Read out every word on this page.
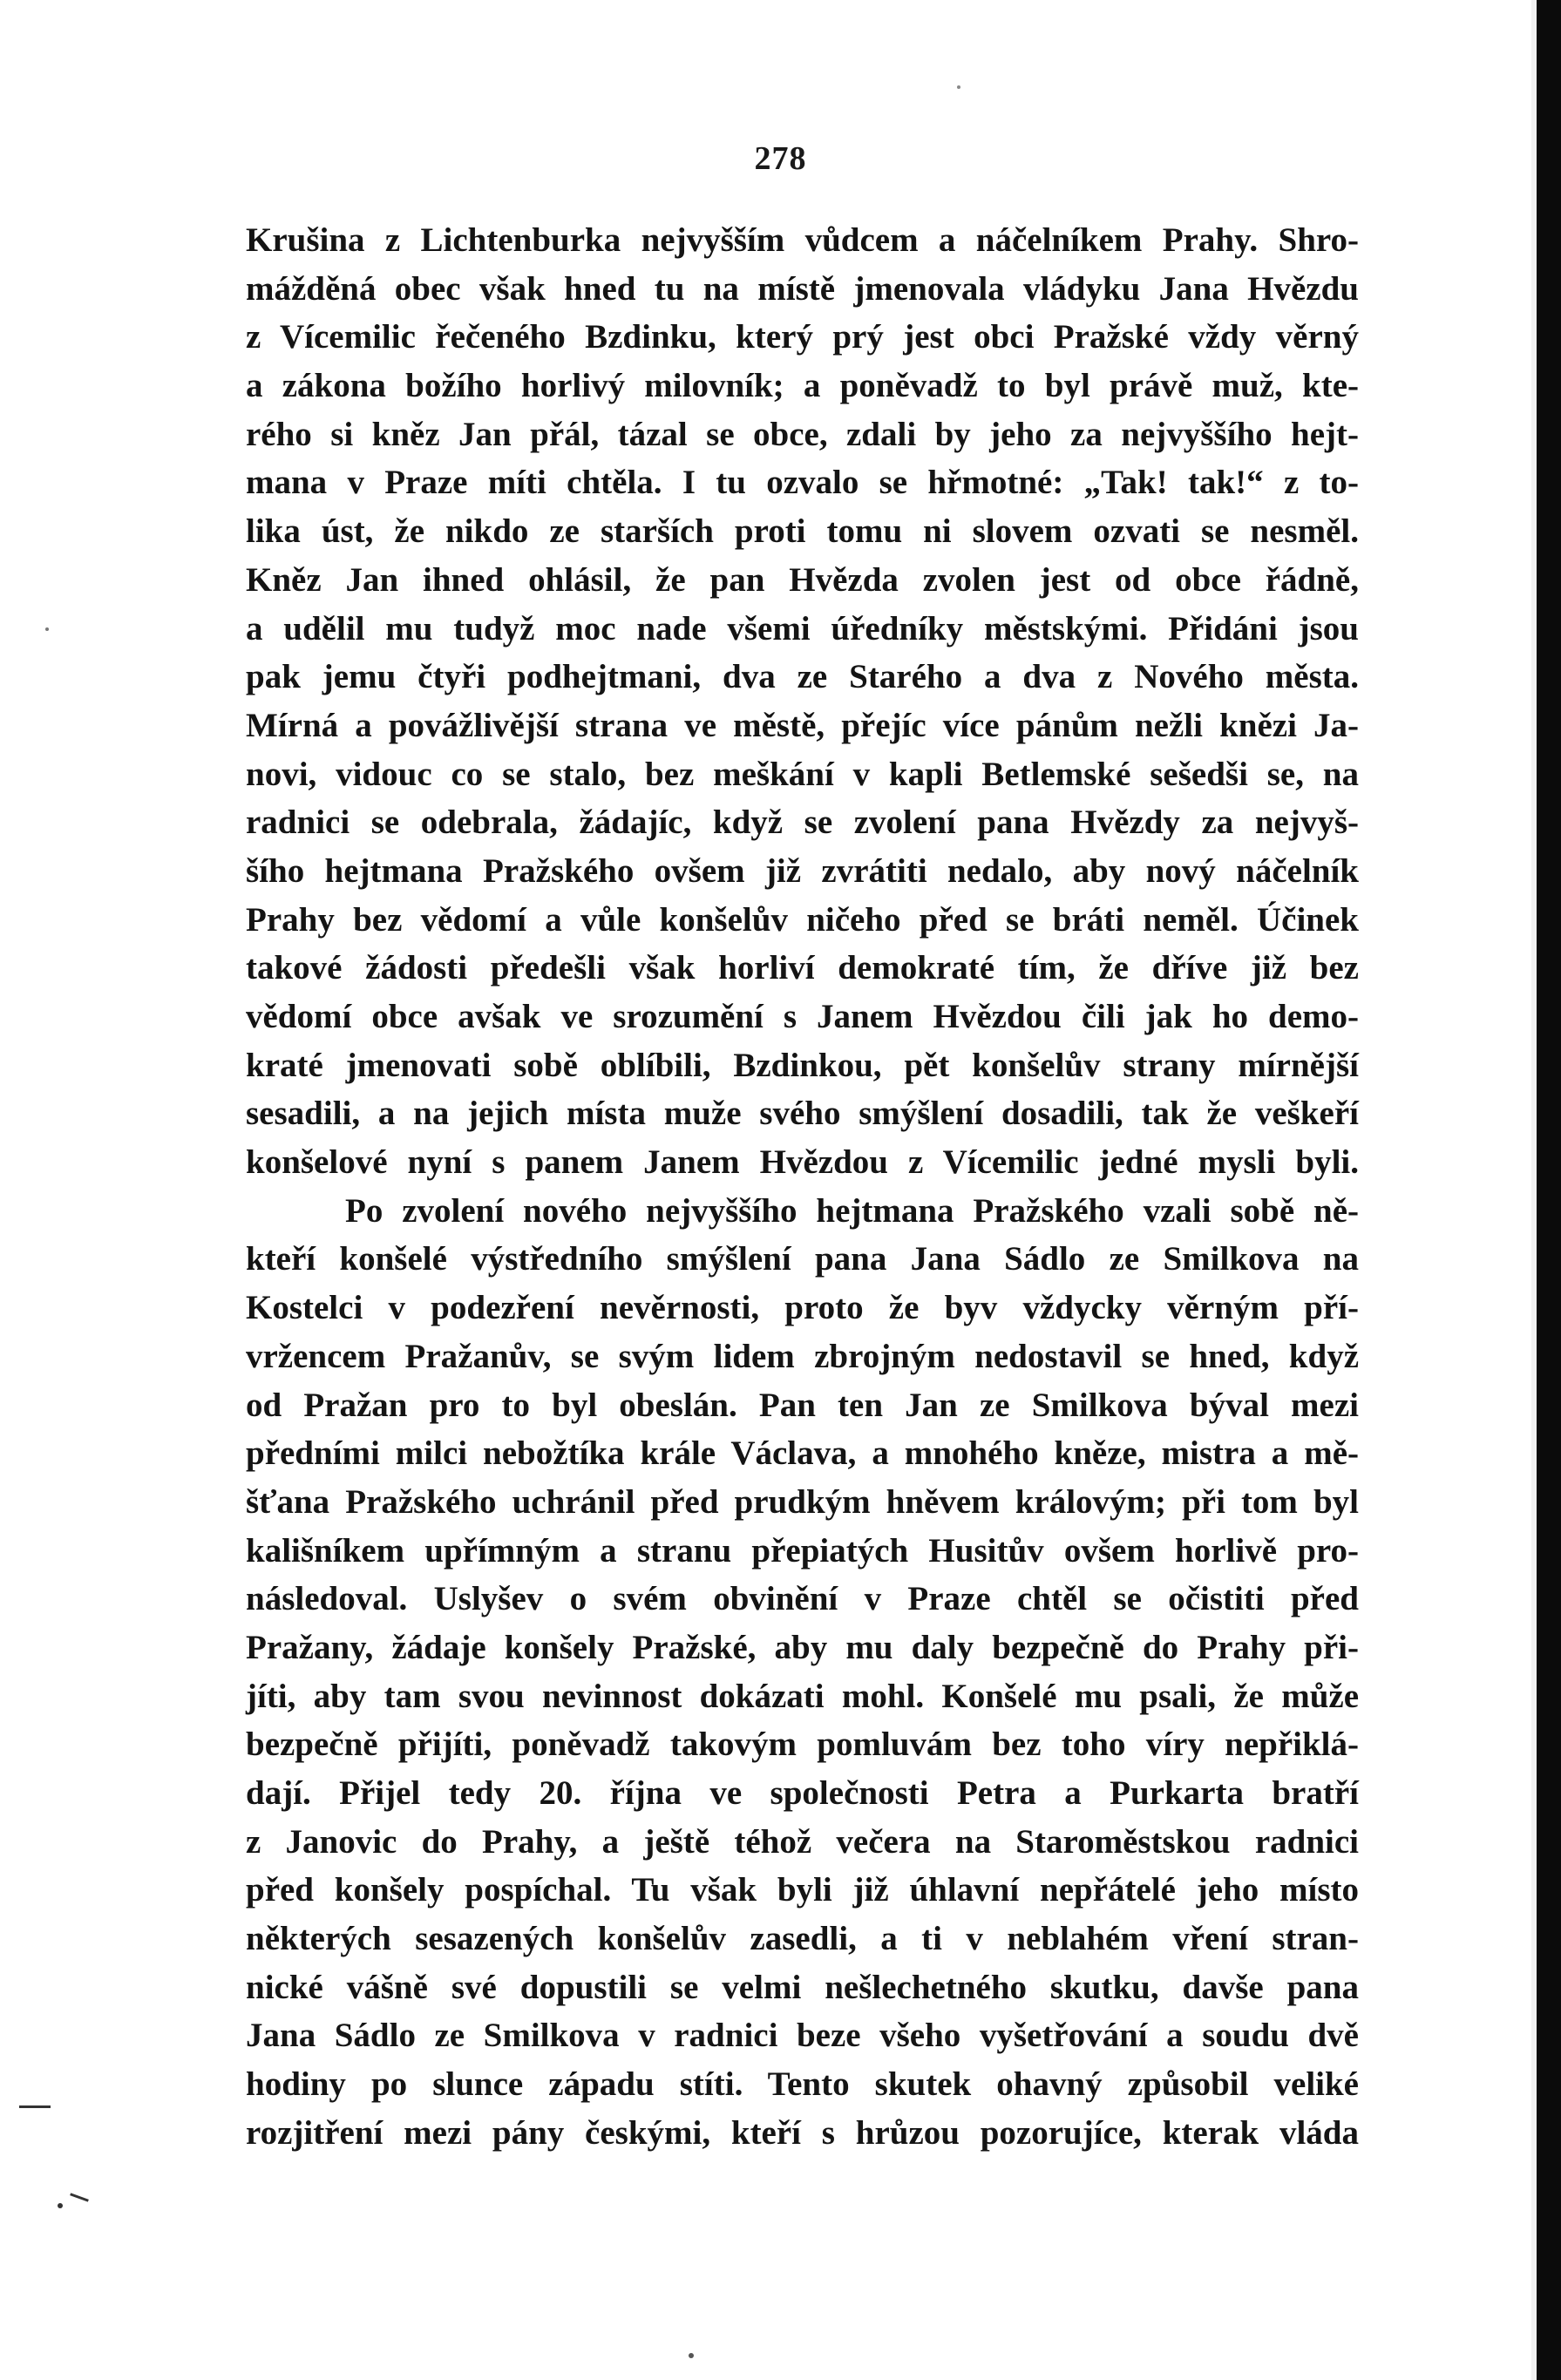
278
Krušina z Lichtenburka nejvyšším vůdcem a náčelníkem Prahy. Shro-
mážděná obec však hned tu na místě jmenovala vládyku Jana Hvězdu
z Vícemilic řečeného Bzdinku, který prý jest obci Pražské vždy věrný
a zákona božího horlivý milovník; a poněvadž to byl právě muž, kte-
rého si kněz Jan přál, tázal se obce, zdali by jeho za nejvyššího hejt-
mana v Praze míti chtěla. I tu ozvalo se hřmotné: „Tak! tak!“ z to-
lika úst, že nikdo ze starších proti tomu ni slovem ozvati se nesměl.
Kněz Jan ihned ohlásil, že pan Hvězda zvolen jest od obce řádně,
a udělil mu tudyž moc nade všemi úředníky městskými. Přidáni jsou
pak jemu čtyři podhejtmani, dva ze Starého a dva z Nového města.
Mírná a povážlivější strana ve městě, přejíc více pánům nežli knězi Ja-
novi, vidouc co se stalo, bez meškání v kapli Betlemské sešedši se, na
radnici se odebrala, žádajíc, když se zvolení pana Hvězdy za nejvyš-
šího hejtmana Pražského ovšem již zvrátiti nedalo, aby nový náčelník
Prahy bez vědomí a vůle konšelův ničeho před se bráti neměl. Účinek
takové žádosti předešli však horliví demokraté tím, že dříve již bez
vědomí obce avšak ve srozumění s Janem Hvězdou čili jak ho demo-
kraté jmenovati sobě oblíbili, Bzdinkou, pět konšelův strany mírnější
sesadili, a na jejich místa muže svého smýšlení dosadili, tak že veškeří
konšelové nyní s panem Janem Hvězdou z Vícemilic jedné mysli byli.
Po zvolení nového nejvyššího hejtmana Pražského vzali sobě ně-
kteří konšelé výstředního smýšlení pana Jana Sádlo ze Smilkova na
Kostelci v podezření nevěrnosti, proto že byv vždycky věrným pří-
vržencem Pražanův, se svým lidem zbrojným nedostavil se hned, když
od Pražan pro to byl obeslán. Pan ten Jan ze Smilkova býval mezi
předními milci nebožtíka krále Václava, a mnohého kněze, mistra a mě-
šťana Pražského uchránil před prudkým hněvem královým; při tom byl
kališníkem upřímným a stranu přepiatých Husitův ovšem horlivě pro-
následoval. Uslyšev o svém obvinění v Praze chtěl se očistiti před
Pražany, žádaje konšely Pražské, aby mu daly bezpečně do Prahy při-
jíti, aby tam svou nevinnost dokázati mohl. Konšelé mu psali, že může
bezpečně přijíti, poněvadž takovým pomluvám bez toho víry nepřiklá-
dají. Přijel tedy 20. října ve společnosti Petra a Purkarta bratří
z Janovic do Prahy, a ještě téhož večera na Staroměstskou radnici
před konšely pospíchal. Tu však byli již úhlavní nepřátelé jeho místo
některých sesazených konšelův zasedli, a ti v neblahém vření stran-
nické vášně své dopustili se velmi nešlechetného skutku, davše pana
Jana Sádlo ze Smilkova v radnici beze všeho vyšetřování a soudu dvě
hodiny po slunce západu stíti. Tento skutek ohavný způsobil veliké
rozjitření mezi pány českými, kteří s hrůzou pozorujíce, kterak vláda
